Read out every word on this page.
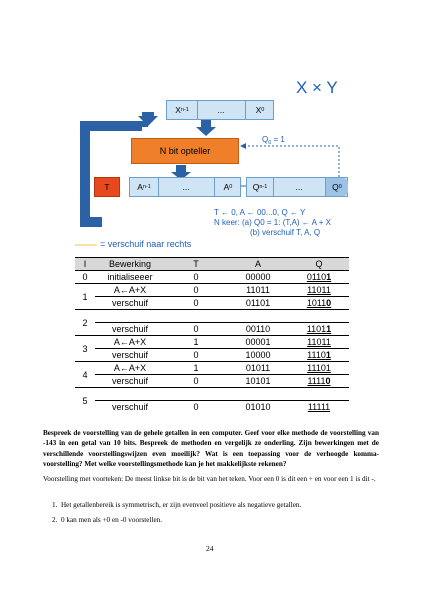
X × Y
X n-1	...	X 0
$Q_0 = 1$
N bit opteller
T	A n-1	...	A 0 Q n-1	...	Q 0
T ← 0, A ← 00...0, Q ← Y
N keer: (a) Q0 = 1: (T,A) ← A + X
(b) verschuif T, A, Q
= verschuif naar rechts
I	Bewerking	T	A	Q
0	initialiseeer	0	00000	01101
1	A←A+X	0	11011	11011
	verschuif	0	01101	10110
2				
	verschuif	0	00110	11011
3	A←A+X	1	00001	11011
	verschuif	0	10000	11101
4	A←A+X	1	01011	11101
	verschuif	0	10101	11110
5				
	verschuif	0	01010	11111
Bespreek de voorstelling van de gehele getallen in een computer. Geef voor elke methode de voorstelling van -143 in een getal van 10 bits. Bespreek de methoden en vergelijk ze onderling. Zijn bewerkingen met de verschillende voorstellingswijzen even moeilijk? Wat is een toepassing voor de verhoogde komma-voorstelling? Met welke voorstellingsmethode kan je het makkelijkste rekenen?
Voorstelling met voorteken: De meest linkse bit is de bit van het teken. Voor een 0 is dit een + en voor een 1 is dit -.
1. Het getallenbereik is symmetrisch, er zijn evenveel positieve als negatieve getallen.
2. 0 kan men als +0 en -0 voorstellen.
24
